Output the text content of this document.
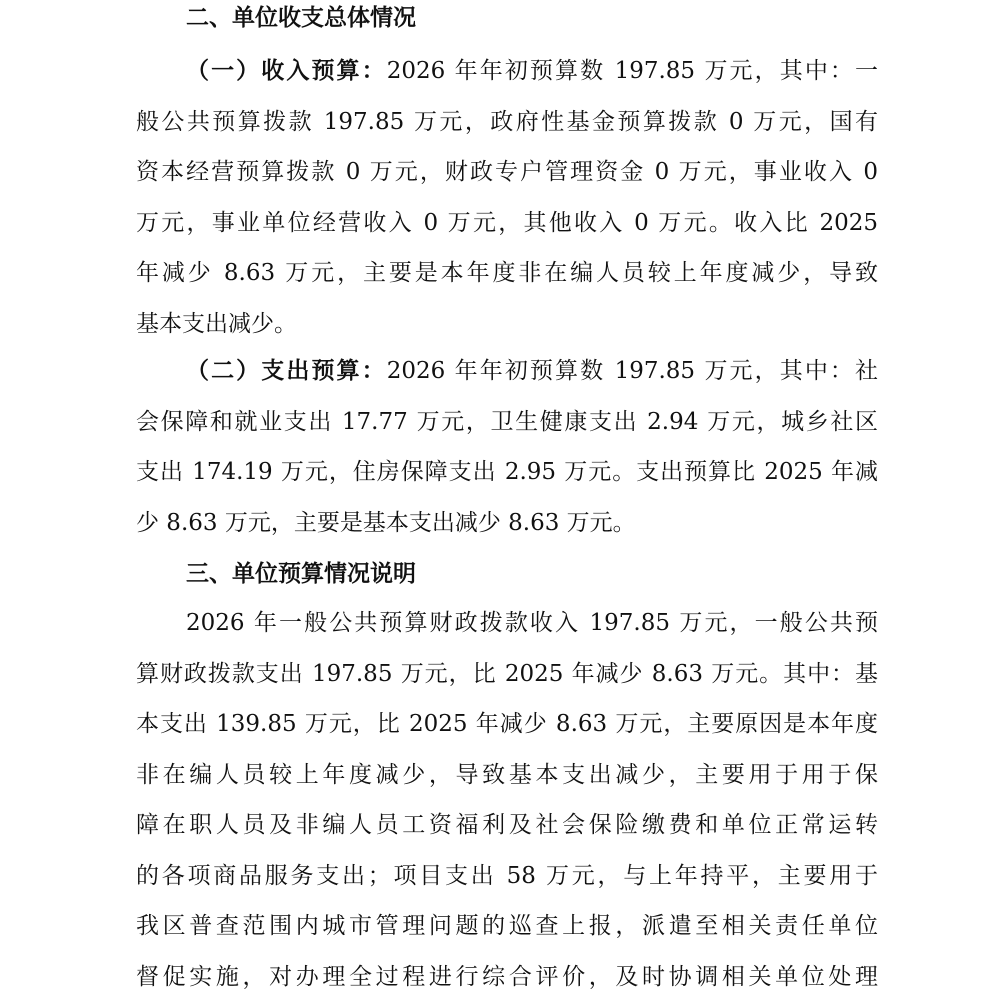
二、单位收支总体情况
（一）收入预算：2026 年年初预算数 197.85 万元，其中：一
般公共预算拨款 197.85 万元，政府性基金预算拨款 0 万元，国有
资本经营预算拨款 0 万元，财政专户管理资金 0 万元，事业收入 0
万元，事业单位经营收入 0 万元，其他收入 0 万元。收入比 2025
年减少 8.63 万元，主要是本年度非在编人员较上年度减少，导致
基本支出减少。
（二）支出预算：2026 年年初预算数 197.85 万元，其中：社
会保障和就业支出 17.77 万元，卫生健康支出 2.94 万元，城乡社区
支出 174.19 万元，住房保障支出 2.95 万元。支出预算比 2025 年减
少 8.63 万元，主要是基本支出减少 8.63 万元。
三、单位预算情况说明
2026 年一般公共预算财政拨款收入 197.85 万元，一般公共预
算财政拨款支出 197.85 万元，比 2025 年减少 8.63 万元。其中：基
本支出 139.85 万元，比 2025 年减少 8.63 万元，主要原因是本年度
非在编人员较上年度减少，导致基本支出减少，主要用于用于保
障在职人员及非编人员工资福利及社会保险缴费和单位正常运转
的各项商品服务支出；项目支出 58 万元，与上年持平，主要用于
我区普查范围内城市管理问题的巡查上报，派遣至相关责任单位
督促实施，对办理全过程进行综合评价，及时协调相关单位处理
